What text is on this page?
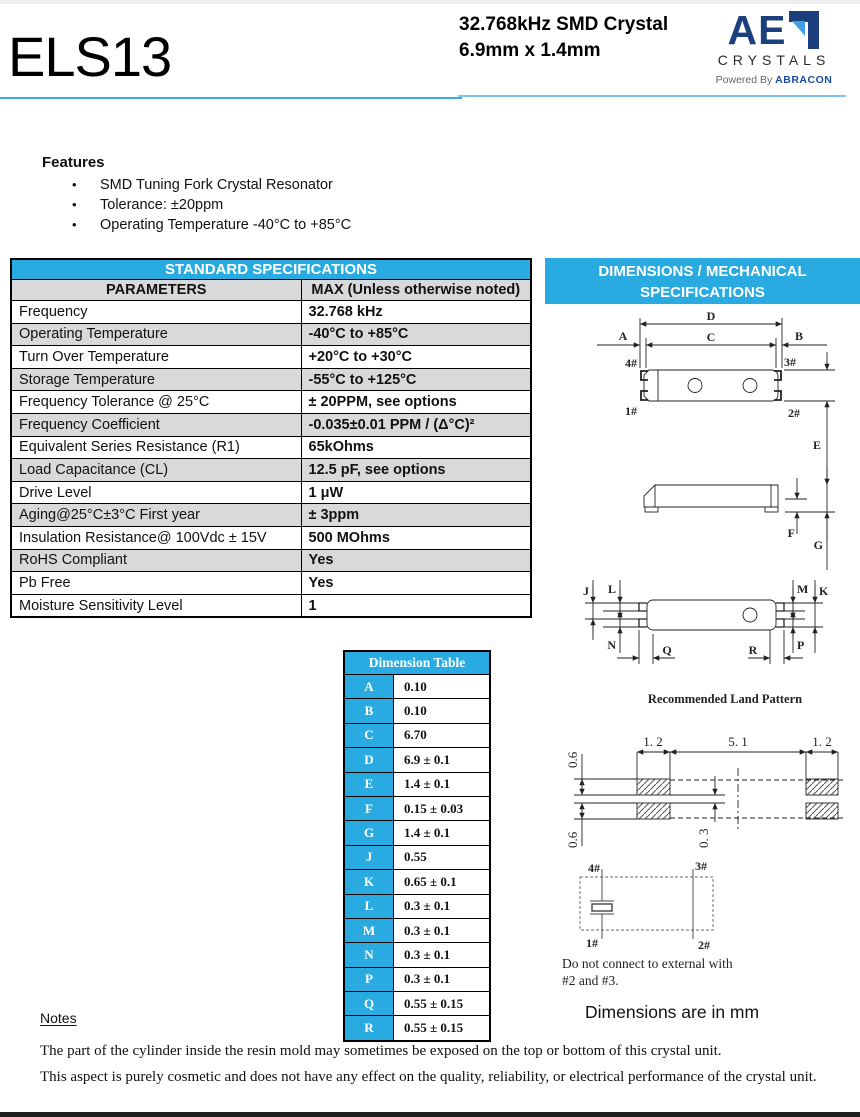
ELS13
32.768kHz SMD Crystal
6.9mm x 1.4mm	AE
CRYSTALS
Powered By ABRACON
Features
•	SMD Tuning Fork Crystal Resonator
•	Tolerance: ±20ppm
•	Operating Temperature -40°C to +85°C
STANDARD SPECIFICATIONS	
PARAMETERS	MAX (Unless otherwise noted)
Frequency	32.768 kHz
Operating Temperature	-40°C to +85°C
Turn Over Temperature	+20°C to +30°C
Storage Temperature	-55°C to +125°C
Frequency Tolerance @ 25°C	± 20PPM, see options
Frequency Coefficient	-0.035±0.01 PPM / (Δ°C)²
Equivalent Series Resistance (R1)	65kOhms
Load Capacitance (CL)	12.5 pF, see options
Drive Level	1 μW
Aging@25°C±3°C First year	± 3ppm
Insulation Resistance@ 100Vdc ± 15V	500 MOhms
RoHS Compliant	Yes
Pb Free	Yes
Moisture Sensitivity Level	1
DIMENSIONS / MECHANICAL
SPECIFICATIONS
D
A	C	B
4#	3#
1#	2#
E
F
G
J L	M K
N	P
Q	R
Dimension Table	
A	0.10
B	0.10
C	6.70
D	6.9 ± 0.1
E	1.4 ± 0.1
F	0.15 ± 0.03
G	1.4 ± 0.1
J	0.55
K	0.65 ± 0.1
L	0.3 ± 0.1
M	0.3 ± 0.1
N	0.3 ± 0.1
P	0.3 ± 0.1
Q	0.55 ± 0.15
R	0.55 ± 0.15
Recommended Land Pattern
1. 2	5. 1	1. 2
0.6
0.6	0. 3
4#	3#
1#	2#
Do not connect to external with
#2 and #3.
Dimensions are in mm
Notes
The part of the cylinder inside the resin mold may sometimes be exposed on the top or bottom of this crystal unit.
This aspect is purely cosmetic and does not have any effect on the quality, reliability, or electrical performance of the crystal unit.
